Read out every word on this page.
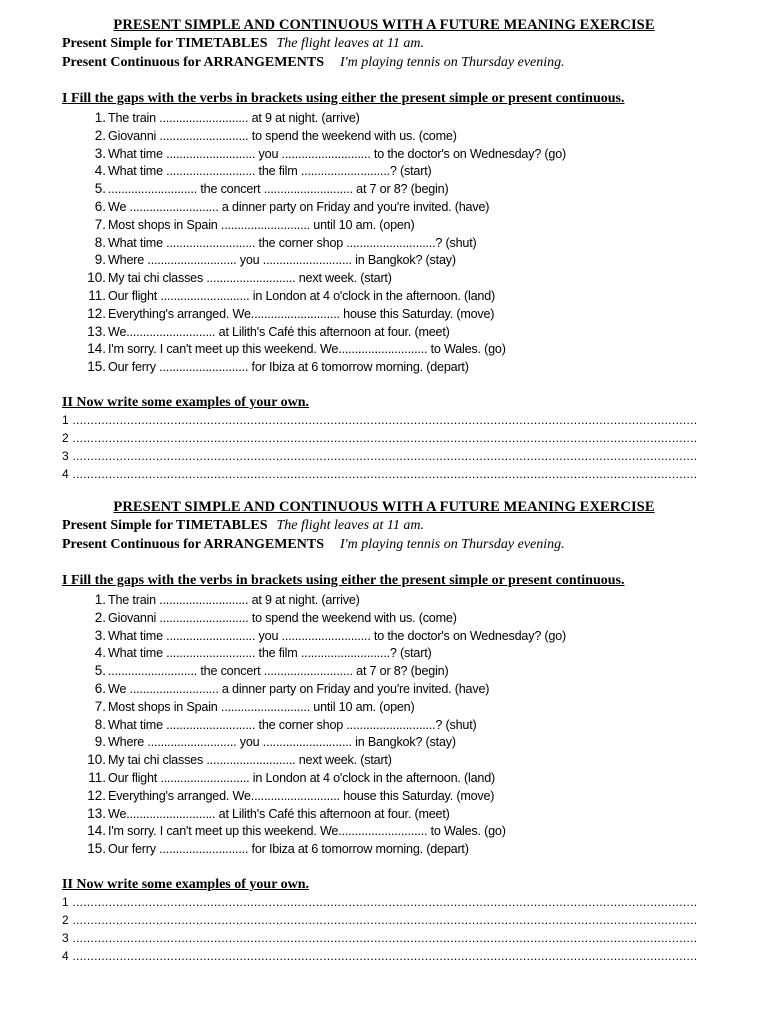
PRESENT SIMPLE AND CONTINUOUS WITH A FUTURE MEANING EXERCISE
Present Simple for TIMETABLES The flight leaves at 11 am.
Present Continuous for ARRANGEMENTS I'm playing tennis on Thursday evening.
I Fill the gaps with the verbs in brackets using either the present simple or present continuous.
1. The train ........................... at 9 at night. (arrive)
2. Giovanni ........................... to spend the weekend with us. (come)
3. What time ........................... you ........................... to the doctor's on Wednesday? (go)
4. What time ........................... the film ...........................? (start)
5. ........................... the concert ........................... at 7 or 8? (begin)
6. We ........................... a dinner party on Friday and you're invited. (have)
7. Most shops in Spain ........................... until 10 am. (open)
8. What time ........................... the corner shop ...........................? (shut)
9. Where ........................... you ........................... in Bangkok? (stay)
10. My tai chi classes ........................... next week. (start)
11. Our flight ........................... in London at 4 o'clock in the afternoon. (land)
12. Everything's arranged. We........................... house this Saturday. (move)
13. We........................... at Lilith's Café this afternoon at four. (meet)
14. I'm sorry. I can't meet up this weekend. We........................... to Wales. (go)
15. Our ferry ........................... for Ibiza at 6 tomorrow morning. (depart)
II Now write some examples of your own.
1 ............................................................................................................................................................................
2 ............................................................................................................................................................................
3 ............................................................................................................................................................................
4 ............................................................................................................................................................................
PRESENT SIMPLE AND CONTINUOUS WITH A FUTURE MEANING EXERCISE
Present Simple for TIMETABLES The flight leaves at 11 am.
Present Continuous for ARRANGEMENTS I'm playing tennis on Thursday evening.
I Fill the gaps with the verbs in brackets using either the present simple or present continuous.
1. The train ........................... at 9 at night. (arrive)
2. Giovanni ........................... to spend the weekend with us. (come)
3. What time ........................... you ........................... to the doctor's on Wednesday? (go)
4. What time ........................... the film ...........................? (start)
5. ........................... the concert ........................... at 7 or 8? (begin)
6. We ........................... a dinner party on Friday and you're invited. (have)
7. Most shops in Spain ........................... until 10 am. (open)
8. What time ........................... the corner shop ...........................? (shut)
9. Where ........................... you ........................... in Bangkok? (stay)
10. My tai chi classes ........................... next week. (start)
11. Our flight ........................... in London at 4 o'clock in the afternoon. (land)
12. Everything's arranged. We........................... house this Saturday. (move)
13. We........................... at Lilith's Café this afternoon at four. (meet)
14. I'm sorry. I can't meet up this weekend. We........................... to Wales. (go)
15. Our ferry ........................... for Ibiza at 6 tomorrow morning. (depart)
II Now write some examples of your own.
1 ............................................................................................................................................................................
2 ............................................................................................................................................................................
3 ............................................................................................................................................................................
4 ............................................................................................................................................................................
